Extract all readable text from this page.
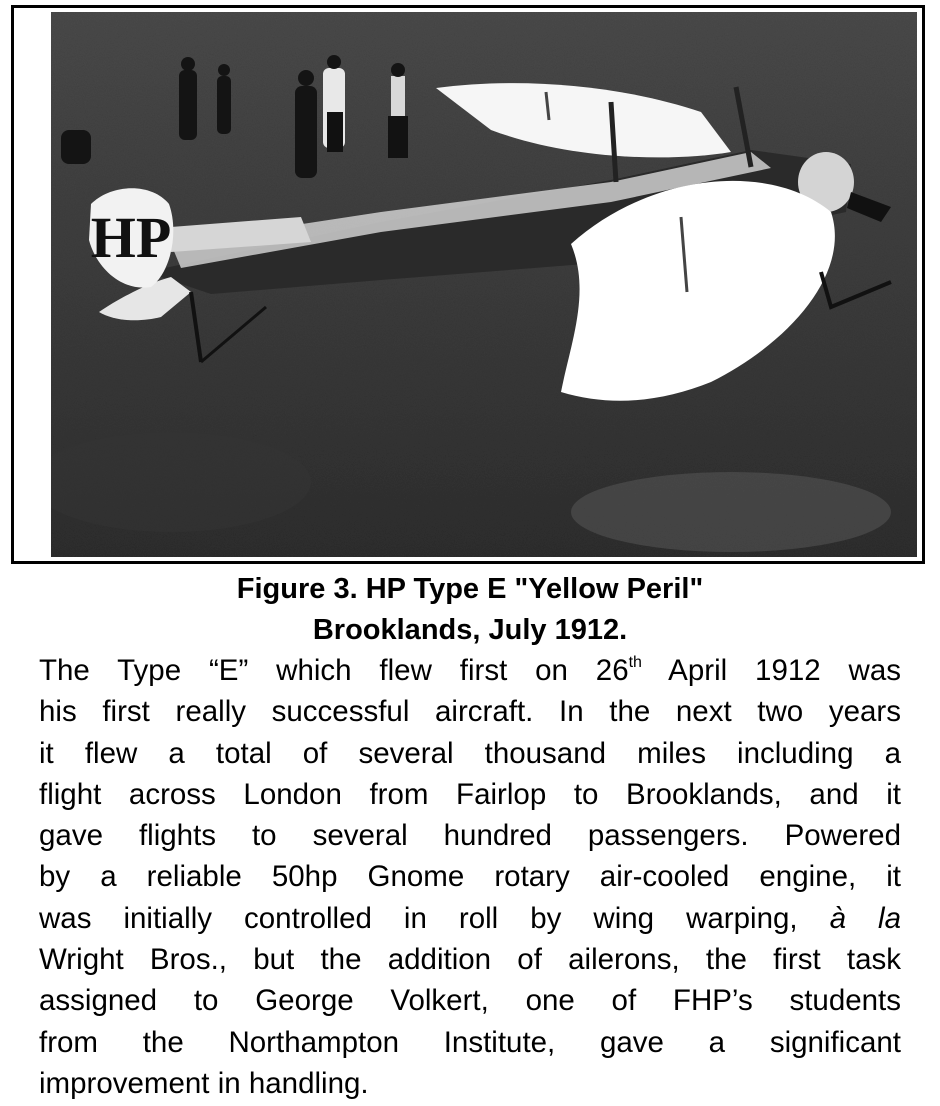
HP

Figure 3. HP Type E "Yellow Peril"

Brooklands, July 1912.

The Type “E” which flew first on 26th April 1912 was
his first really successful aircraft. In the next two years
it flew a total of several thousand miles including a
flight across London from Fairlop to Brooklands, and it
gave flights to several hundred passengers. Powered
by a reliable 50hp Gnome rotary air-cooled engine, it
was initially controlled in roll by wing warping, à la
Wright Bros., but the addition of ailerons, the first task
assigned to George Volkert, one of FHP’s students
from the Northampton Institute, gave a significant
improvement in handling.
